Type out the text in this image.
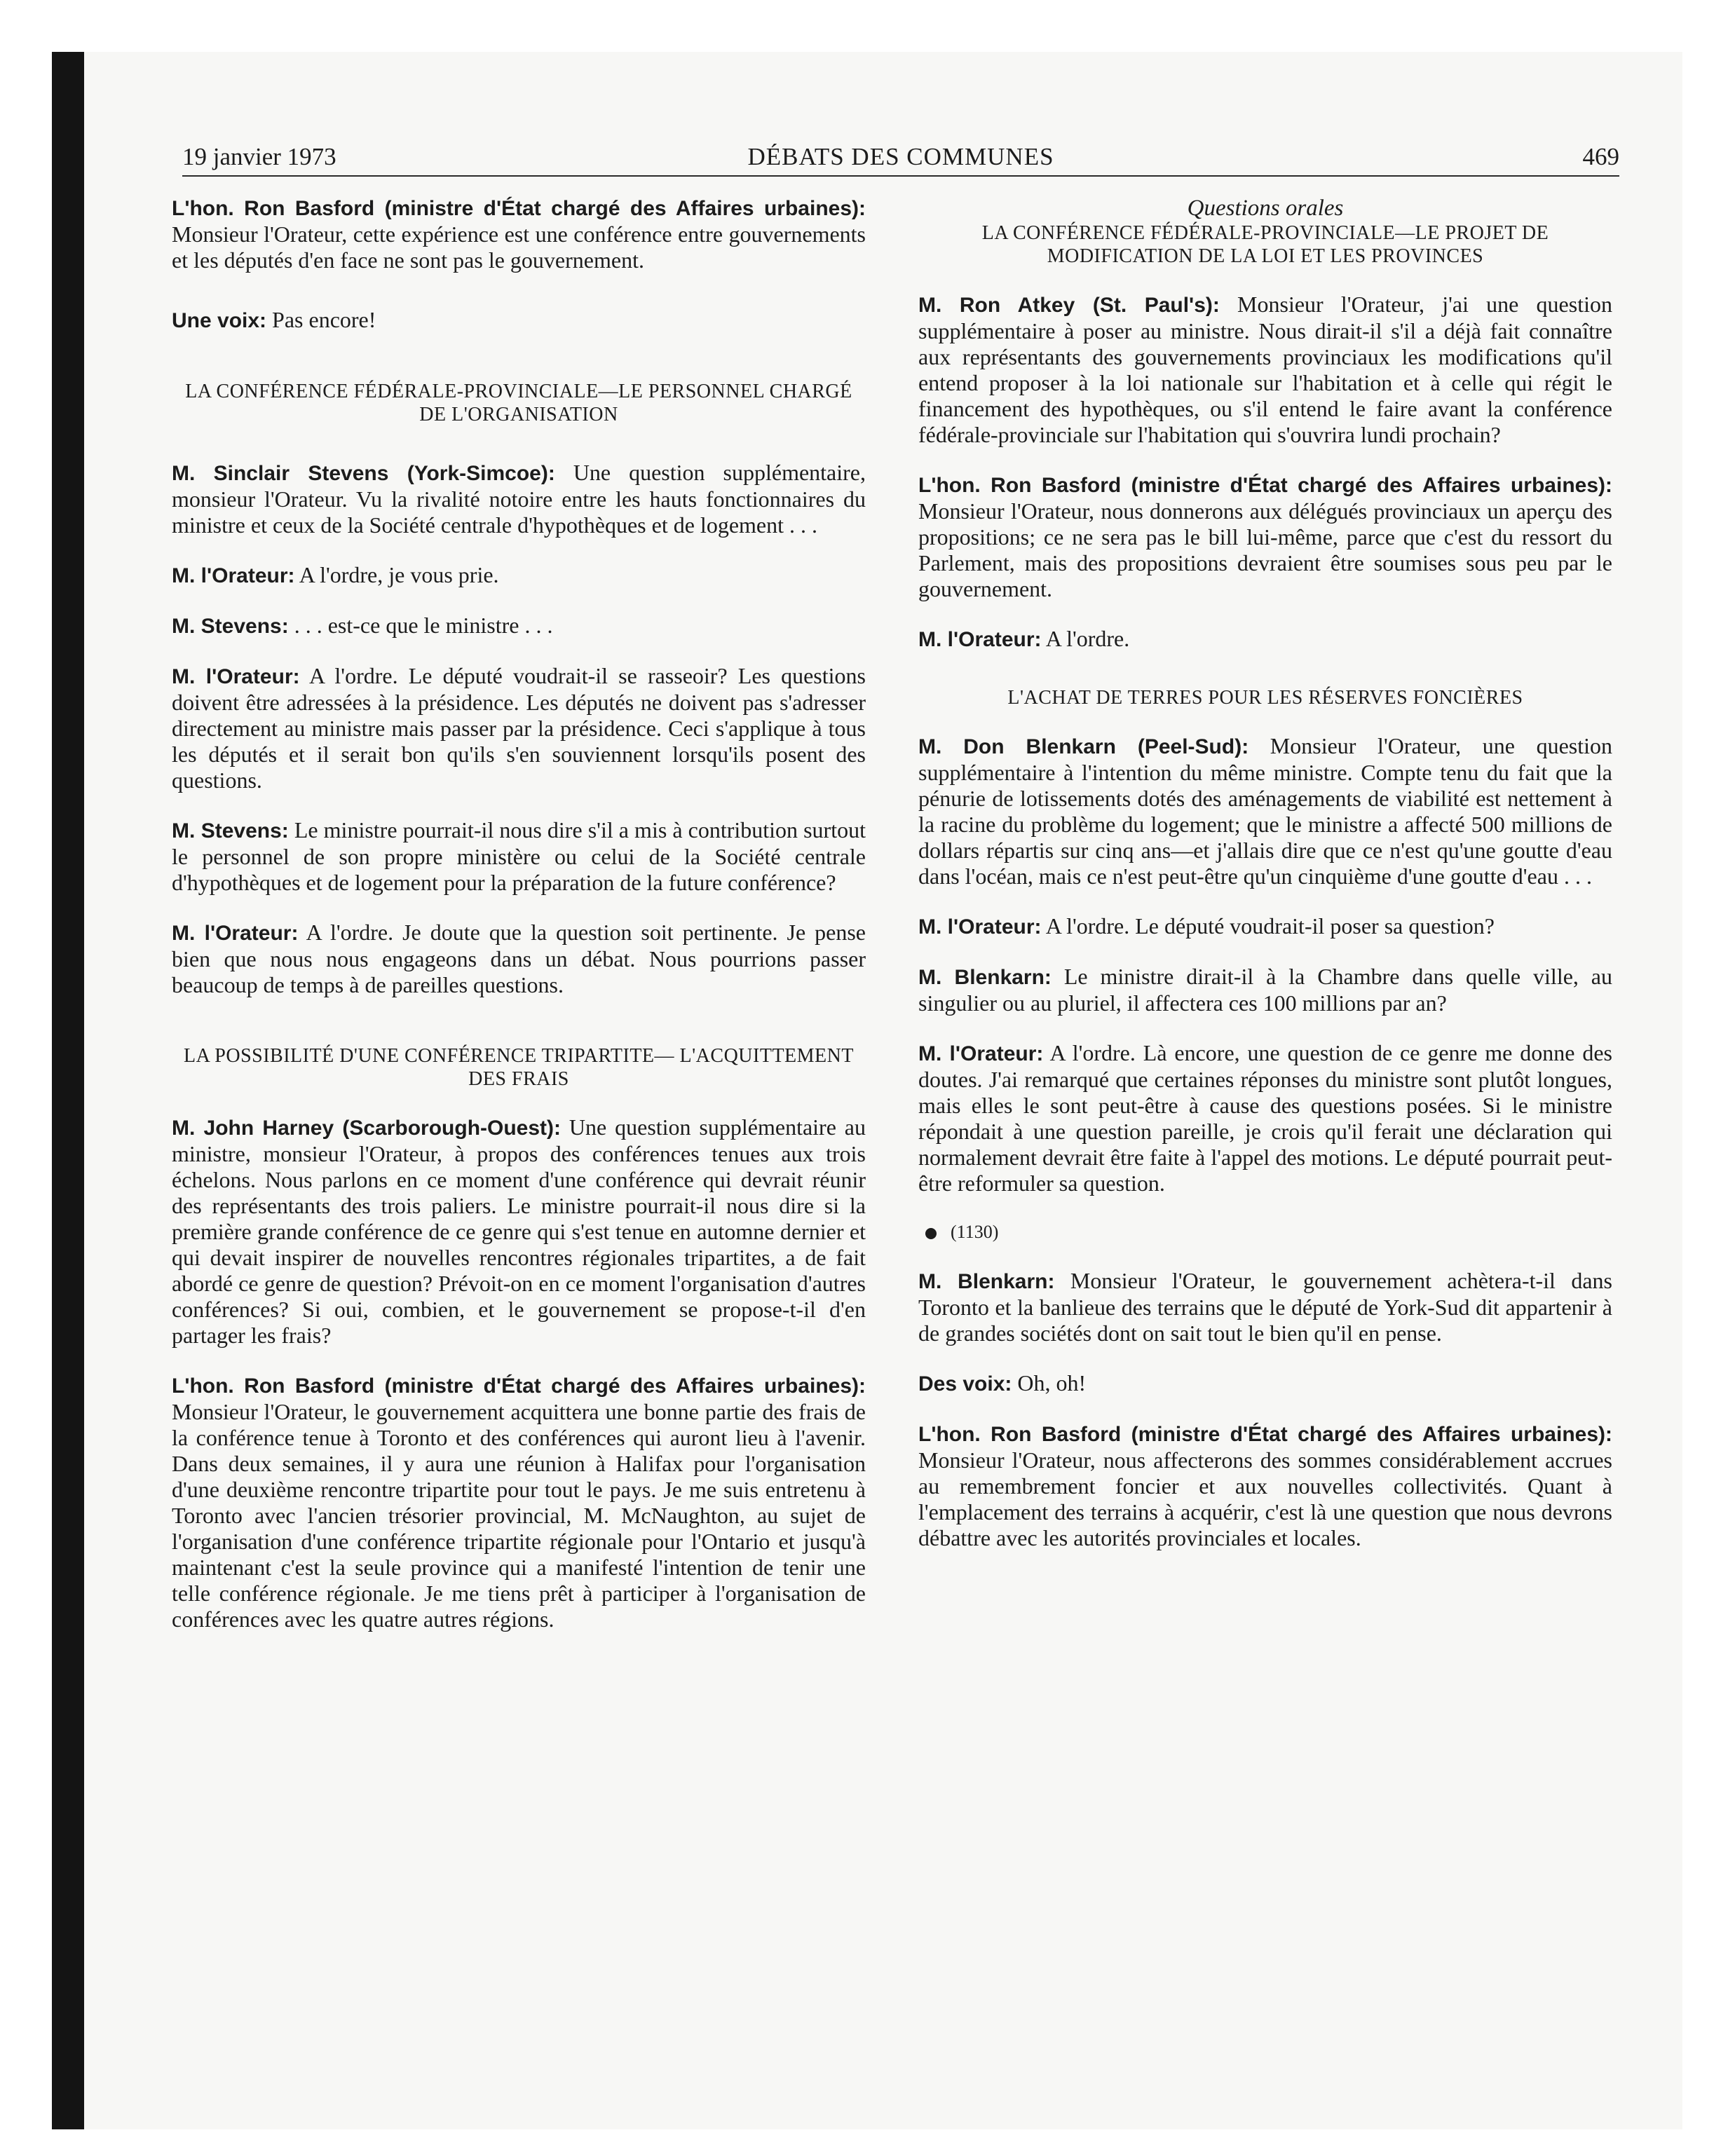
19 janvier 1973	DÉBATS DES COMMUNES	469

L'hon. Ron Basford (ministre d'État chargé des Affaires urbaines): Monsieur l'Orateur, cette expérience est une conférence entre gouvernements et les députés d'en face ne sont pas le gouvernement.

Une voix: Pas encore!

LA CONFÉRENCE FÉDÉRALE-PROVINCIALE—LE PERSONNEL CHARGÉ DE L'ORGANISATION

M. Sinclair Stevens (York-Simcoe): Une question supplémentaire, monsieur l'Orateur. Vu la rivalité notoire entre les hauts fonctionnaires du ministre et ceux de la Société centrale d'hypothèques et de logement . . .

M. l'Orateur: A l'ordre, je vous prie.

M. Stevens: . . . est-ce que le ministre . . .

M. l'Orateur: A l'ordre. Le député voudrait-il se rasseoir? Les questions doivent être adressées à la présidence. Les députés ne doivent pas s'adresser directement au ministre mais passer par la présidence. Ceci s'applique à tous les députés et il serait bon qu'ils s'en souviennent lorsqu'ils posent des questions.

M. Stevens: Le ministre pourrait-il nous dire s'il a mis à contribution surtout le personnel de son propre ministère ou celui de la Société centrale d'hypothèques et de logement pour la préparation de la future conférence?

M. l'Orateur: A l'ordre. Je doute que la question soit pertinente. Je pense bien que nous nous engageons dans un débat. Nous pourrions passer beaucoup de temps à de pareilles questions.

LA POSSIBILITÉ D'UNE CONFÉRENCE TRIPARTITE— L'ACQUITTEMENT DES FRAIS

M. John Harney (Scarborough-Ouest): Une question supplémentaire au ministre, monsieur l'Orateur, à propos des conférences tenues aux trois échelons. Nous parlons en ce moment d'une conférence qui devrait réunir des représentants des trois paliers. Le ministre pourrait-il nous dire si la première grande conférence de ce genre qui s'est tenue en automne dernier et qui devait inspirer de nouvelles rencontres régionales tripartites, a de fait abordé ce genre de question? Prévoit-on en ce moment l'organisation d'autres conférences? Si oui, combien, et le gouvernement se propose-t-il d'en partager les frais?

L'hon. Ron Basford (ministre d'État chargé des Affaires urbaines): Monsieur l'Orateur, le gouvernement acquittera une bonne partie des frais de la conférence tenue à Toronto et des conférences qui auront lieu à l'avenir. Dans deux semaines, il y aura une réunion à Halifax pour l'organisation d'une deuxième rencontre tripartite pour tout le pays. Je me suis entretenu à Toronto avec l'ancien trésorier provincial, M. McNaughton, au sujet de l'organisation d'une conférence tripartite régionale pour l'Ontario et jusqu'à maintenant c'est la seule province qui a manifesté l'intention de tenir une telle conférence régionale. Je me tiens prêt à participer à l'organisation de conférences avec les quatre autres régions.

Questions orales

LA CONFÉRENCE FÉDÉRALE-PROVINCIALE—LE PROJET DE MODIFICATION DE LA LOI ET LES PROVINCES

M. Ron Atkey (St. Paul's): Monsieur l'Orateur, j'ai une question supplémentaire à poser au ministre. Nous dirait-il s'il a déjà fait connaître aux représentants des gouvernements provinciaux les modifications qu'il entend proposer à la loi nationale sur l'habitation et à celle qui régit le financement des hypothèques, ou s'il entend le faire avant la conférence fédérale-provinciale sur l'habitation qui s'ouvrira lundi prochain?

L'hon. Ron Basford (ministre d'État chargé des Affaires urbaines): Monsieur l'Orateur, nous donnerons aux délégués provinciaux un aperçu des propositions; ce ne sera pas le bill lui-même, parce que c'est du ressort du Parlement, mais des propositions devraient être soumises sous peu par le gouvernement.

M. l'Orateur: A l'ordre.

L'ACHAT DE TERRES POUR LES RÉSERVES FONCIÈRES

M. Don Blenkarn (Peel-Sud): Monsieur l'Orateur, une question supplémentaire à l'intention du même ministre. Compte tenu du fait que la pénurie de lotissements dotés des aménagements de viabilité est nettement à la racine du problème du logement; que le ministre a affecté 500 millions de dollars répartis sur cinq ans—et j'allais dire que ce n'est qu'une goutte d'eau dans l'océan, mais ce n'est peut-être qu'un cinquième d'une goutte d'eau . . .

M. l'Orateur: A l'ordre. Le député voudrait-il poser sa question?

M. Blenkarn: Le ministre dirait-il à la Chambre dans quelle ville, au singulier ou au pluriel, il affectera ces 100 millions par an?

M. l'Orateur: A l'ordre. Là encore, une question de ce genre me donne des doutes. J'ai remarqué que certaines réponses du ministre sont plutôt longues, mais elles le sont peut-être à cause des questions posées. Si le ministre répondait à une question pareille, je crois qu'il ferait une déclaration qui normalement devrait être faite à l'appel des motions. Le député pourrait peut-être reformuler sa question.

(1130)

M. Blenkarn: Monsieur l'Orateur, le gouvernement achètera-t-il dans Toronto et la banlieue des terrains que le député de York-Sud dit appartenir à de grandes sociétés dont on sait tout le bien qu'il en pense.

Des voix: Oh, oh!

L'hon. Ron Basford (ministre d'État chargé des Affaires urbaines): Monsieur l'Orateur, nous affecterons des sommes considérablement accrues au remembrement foncier et aux nouvelles collectivités. Quant à l'emplacement des terrains à acquérir, c'est là une question que nous devrons débattre avec les autorités provinciales et locales.
